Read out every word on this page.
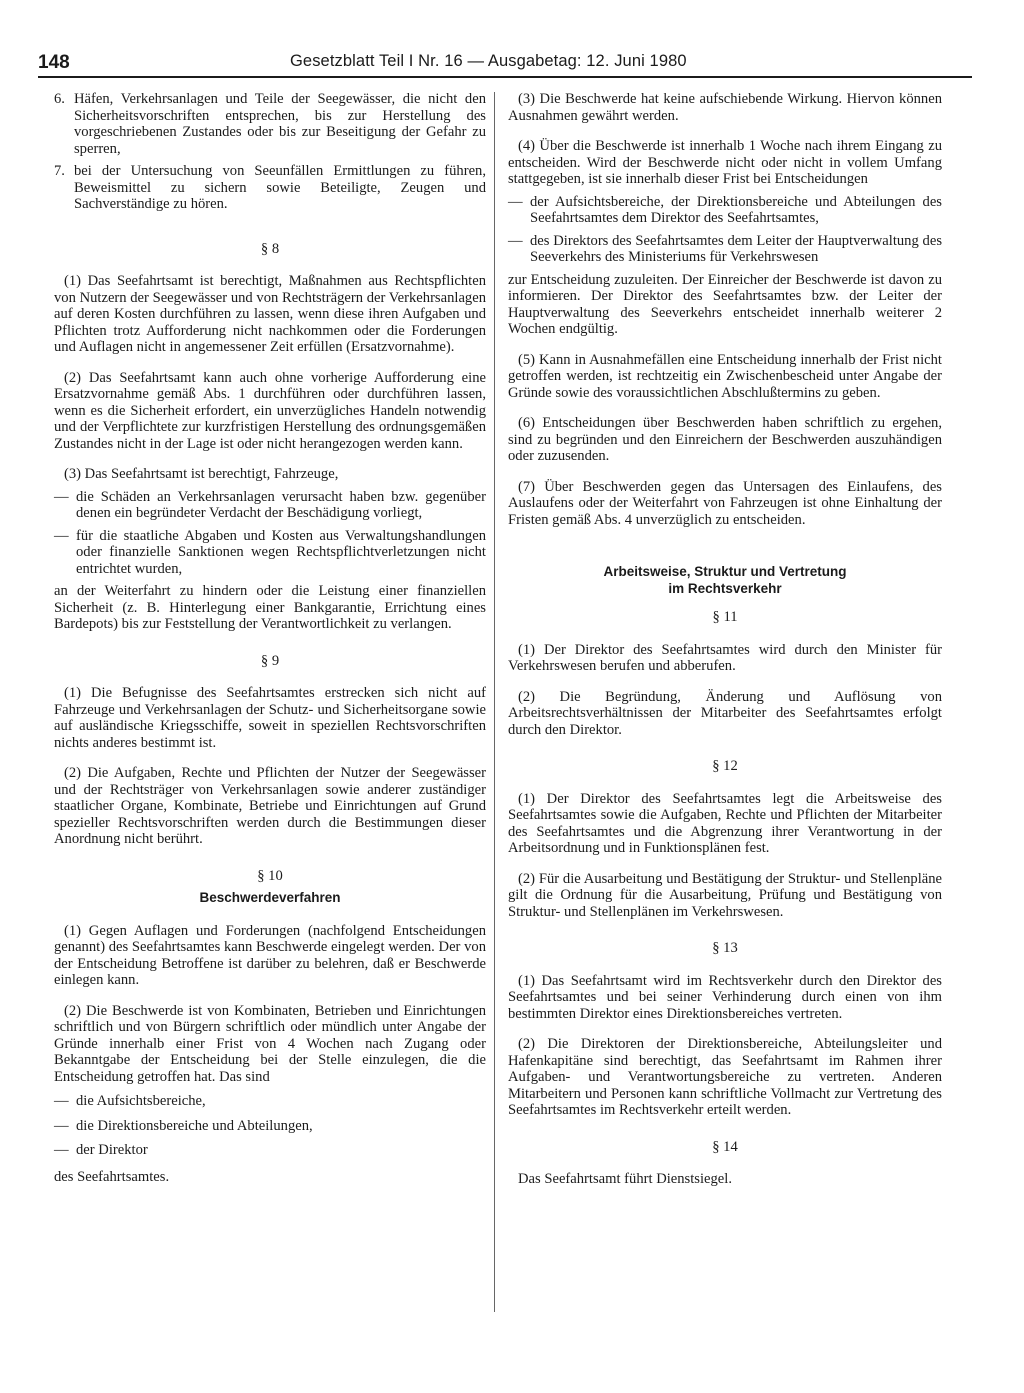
148	Gesetzblatt Teil I Nr. 16 — Ausgabetag: 12. Juni 1980
6. Häfen, Verkehrsanlagen und Teile der Seegewässer, die nicht den Sicherheitsvorschriften entsprechen, bis zur Herstellung des vorgeschriebenen Zustandes oder bis zur Beseitigung der Gefahr zu sperren,
7. bei der Untersuchung von Seeunfällen Ermittlungen zu führen, Beweismittel zu sichern sowie Beteiligte, Zeugen und Sachverständige zu hören.
§ 8

(1) Das Seefahrtsamt ist berechtigt, Maßnahmen aus Rechtspflichten von Nutzern der Seegewässer und von Rechtsträgern der Verkehrsanlagen auf deren Kosten durchführen zu lassen, wenn diese ihren Aufgaben und Pflichten trotz Aufforderung nicht nachkommen oder die Forderungen und Auflagen nicht in angemessener Zeit erfüllen (Ersatzvornahme).

(2) Das Seefahrtsamt kann auch ohne vorherige Aufforderung eine Ersatzvornahme gemäß Abs. 1 durchführen oder durchführen lassen, wenn es die Sicherheit erfordert, ein unverzügliches Handeln notwendig und der Verpflichtete zur kurzfristigen Herstellung des ordnungsgemäßen Zustandes nicht in der Lage ist oder nicht herangezogen werden kann.

(3) Das Seefahrtsamt ist berechtigt, Fahrzeuge,

— die Schäden an Verkehrsanlagen verursacht haben bzw. gegenüber denen ein begründeter Verdacht der Beschädigung vorliegt,
— für die staatliche Abgaben und Kosten aus Verwaltungshandlungen oder finanzielle Sanktionen wegen Rechtspflichtverletzungen nicht entrichtet wurden,

an der Weiterfahrt zu hindern oder die Leistung einer finanziellen Sicherheit (z. B. Hinterlegung einer Bankgarantie, Errichtung eines Bardepots) bis zur Feststellung der Verantwortlichkeit zu verlangen.

§ 9

(1) Die Befugnisse des Seefahrtsamtes erstrecken sich nicht auf Fahrzeuge und Verkehrsanlagen der Schutz- und Sicherheitsorgane sowie auf ausländische Kriegsschiffe, soweit in speziellen Rechtsvorschriften nichts anderes bestimmt ist.

(2) Die Aufgaben, Rechte und Pflichten der Nutzer der Seegewässer und der Rechtsträger von Verkehrsanlagen sowie anderer zuständiger staatlicher Organe, Kombinate, Betriebe und Einrichtungen auf Grund spezieller Rechtsvorschriften werden durch die Bestimmungen dieser Anordnung nicht berührt.

§ 10
Beschwerdeverfahren

(1) Gegen Auflagen und Forderungen (nachfolgend Entscheidungen genannt) des Seefahrtsamtes kann Beschwerde eingelegt werden. Der von der Entscheidung Betroffene ist darüber zu belehren, daß er Beschwerde einlegen kann.

(2) Die Beschwerde ist von Kombinaten, Betrieben und Einrichtungen schriftlich und von Bürgern schriftlich oder mündlich unter Angabe der Gründe innerhalb einer Frist von 4 Wochen nach Zugang oder Bekanntgabe der Entscheidung bei der Stelle einzulegen, die die Entscheidung getroffen hat. Das sind

— die Aufsichtsbereiche,
— die Direktionsbereiche und Abteilungen,
— der Direktor

des Seefahrtsamtes.

(3) Die Beschwerde hat keine aufschiebende Wirkung. Hiervon können Ausnahmen gewährt werden.

(4) Über die Beschwerde ist innerhalb 1 Woche nach ihrem Eingang zu entscheiden. Wird der Beschwerde nicht oder nicht in vollem Umfang stattgegeben, ist sie innerhalb dieser Frist bei Entscheidungen

— der Aufsichtsbereiche, der Direktionsbereiche und Abteilungen des Seefahrtsamtes dem Direktor des Seefahrtsamtes,
— des Direktors des Seefahrtsamtes dem Leiter der Hauptverwaltung des Seeverkehrs des Ministeriums für Verkehrswesen

zur Entscheidung zuzuleiten. Der Einreicher der Beschwerde ist davon zu informieren. Der Direktor des Seefahrtsamtes bzw. der Leiter der Hauptverwaltung des Seeverkehrs entscheidet innerhalb weiterer 2 Wochen endgültig.

(5) Kann in Ausnahmefällen eine Entscheidung innerhalb der Frist nicht getroffen werden, ist rechtzeitig ein Zwischenbescheid unter Angabe der Gründe sowie des voraussichtlichen Abschlußtermins zu geben.

(6) Entscheidungen über Beschwerden haben schriftlich zu ergehen, sind zu begründen und den Einreichern der Beschwerden auszuhändigen oder zuzusenden.

(7) Über Beschwerden gegen das Untersagen des Einlaufens, des Auslaufens oder der Weiterfahrt von Fahrzeugen ist ohne Einhaltung der Fristen gemäß Abs. 4 unverzüglich zu entscheiden.

Arbeitsweise, Struktur und Vertretung
im Rechtsverkehr
§ 11

(1) Der Direktor des Seefahrtsamtes wird durch den Minister für Verkehrswesen berufen und abberufen.

(2) Die Begründung, Änderung und Auflösung von Arbeitsrechtsverhältnissen der Mitarbeiter des Seefahrtsamtes erfolgt durch den Direktor.

§ 12

(1) Der Direktor des Seefahrtsamtes legt die Arbeitsweise des Seefahrtsamtes sowie die Aufgaben, Rechte und Pflichten der Mitarbeiter des Seefahrtsamtes und die Abgrenzung ihrer Verantwortung in der Arbeitsordnung und in Funktionsplänen fest.

(2) Für die Ausarbeitung und Bestätigung der Struktur- und Stellenpläne gilt die Ordnung für die Ausarbeitung, Prüfung und Bestätigung von Struktur- und Stellenplänen im Verkehrswesen.

§ 13

(1) Das Seefahrtsamt wird im Rechtsverkehr durch den Direktor des Seefahrtsamtes und bei seiner Verhinderung durch einen von ihm bestimmten Direktor eines Direktionsbereiches vertreten.

(2) Die Direktoren der Direktionsbereiche, Abteilungsleiter und Hafenkapitäne sind berechtigt, das Seefahrtsamt im Rahmen ihrer Aufgaben- und Verantwortungsbereiche zu vertreten. Anderen Mitarbeitern und Personen kann schriftliche Vollmacht zur Vertretung des Seefahrtsamtes im Rechtsverkehr erteilt werden.

§ 14

Das Seefahrtsamt führt Dienstsiegel.
